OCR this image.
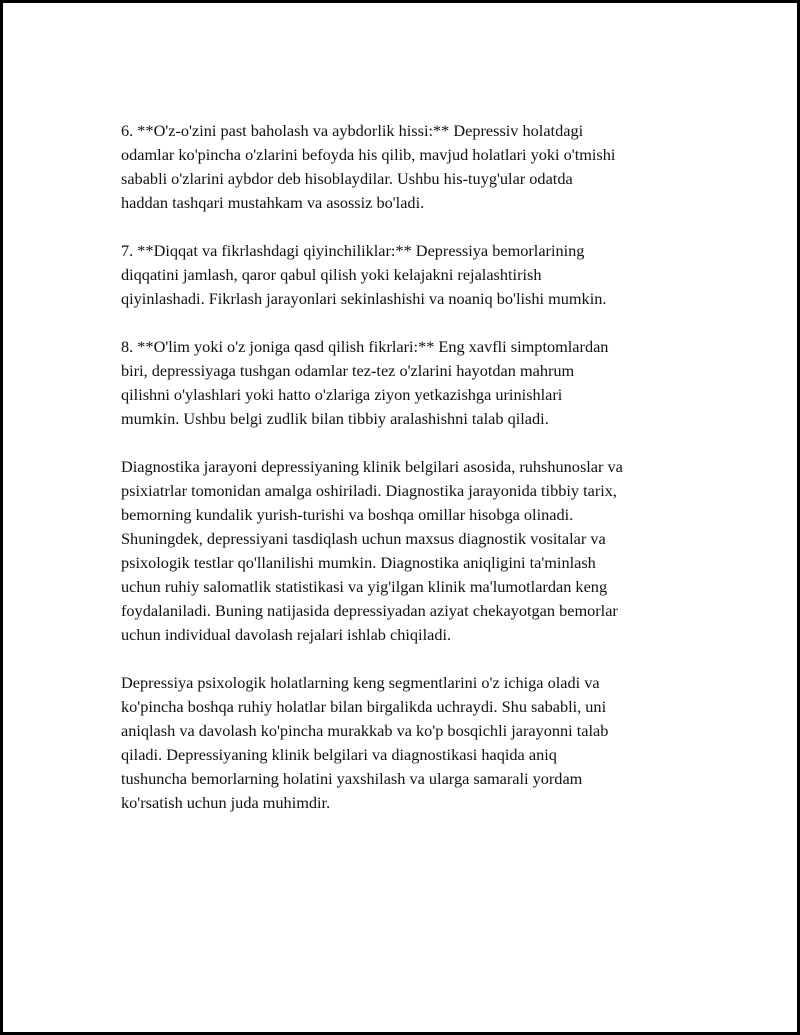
6. **O'z-o'zini past baholash va aybdorlik hissi:** Depressiv holatdagi
odamlar ko'pincha o'zlarini befoyda his qilib, mavjud holatlari yoki o'tmishi
sababli o'zlarini aybdor deb hisoblaydilar. Ushbu his-tuyg'ular odatda
haddan tashqari mustahkam va asossiz bo'ladi.

7. **Diqqat va fikrlashdagi qiyinchiliklar:** Depressiya bemorlarining
diqqatini jamlash, qaror qabul qilish yoki kelajakni rejalashtirish
qiyinlashadi. Fikrlash jarayonlari sekinlashishi va noaniq bo'lishi mumkin.

8. **O'lim yoki o'z joniga qasd qilish fikrlari:** Eng xavfli simptomlardan
biri, depressiyaga tushgan odamlar tez-tez o'zlarini hayotdan mahrum
qilishni o'ylashlari yoki hatto o'zlariga ziyon yetkazishga urinishlari
mumkin. Ushbu belgi zudlik bilan tibbiy aralashishni talab qiladi.

Diagnostika jarayoni depressiyaning klinik belgilari asosida, ruhshunoslar va
psixiatrlar tomonidan amalga oshiriladi. Diagnostika jarayonida tibbiy tarix,
bemorning kundalik yurish-turishi va boshqa omillar hisobga olinadi.
Shuningdek, depressiyani tasdiqlash uchun maxsus diagnostik vositalar va
psixologik testlar qo'llanilishi mumkin. Diagnostika aniqligini ta'minlash
uchun ruhiy salomatlik statistikasi va yig'ilgan klinik ma'lumotlardan keng
foydalaniladi. Buning natijasida depressiyadan aziyat chekayotgan bemorlar
uchun individual davolash rejalari ishlab chiqiladi.

Depressiya psixologik holatlarning keng segmentlarini o'z ichiga oladi va
ko'pincha boshqa ruhiy holatlar bilan birgalikda uchraydi. Shu sababli, uni
aniqlash va davolash ko'pincha murakkab va ko'p bosqichli jarayonni talab
qiladi. Depressiyaning klinik belgilari va diagnostikasi haqida aniq
tushuncha bemorlarning holatini yaxshilash va ularga samarali yordam
ko'rsatish uchun juda muhimdir.
